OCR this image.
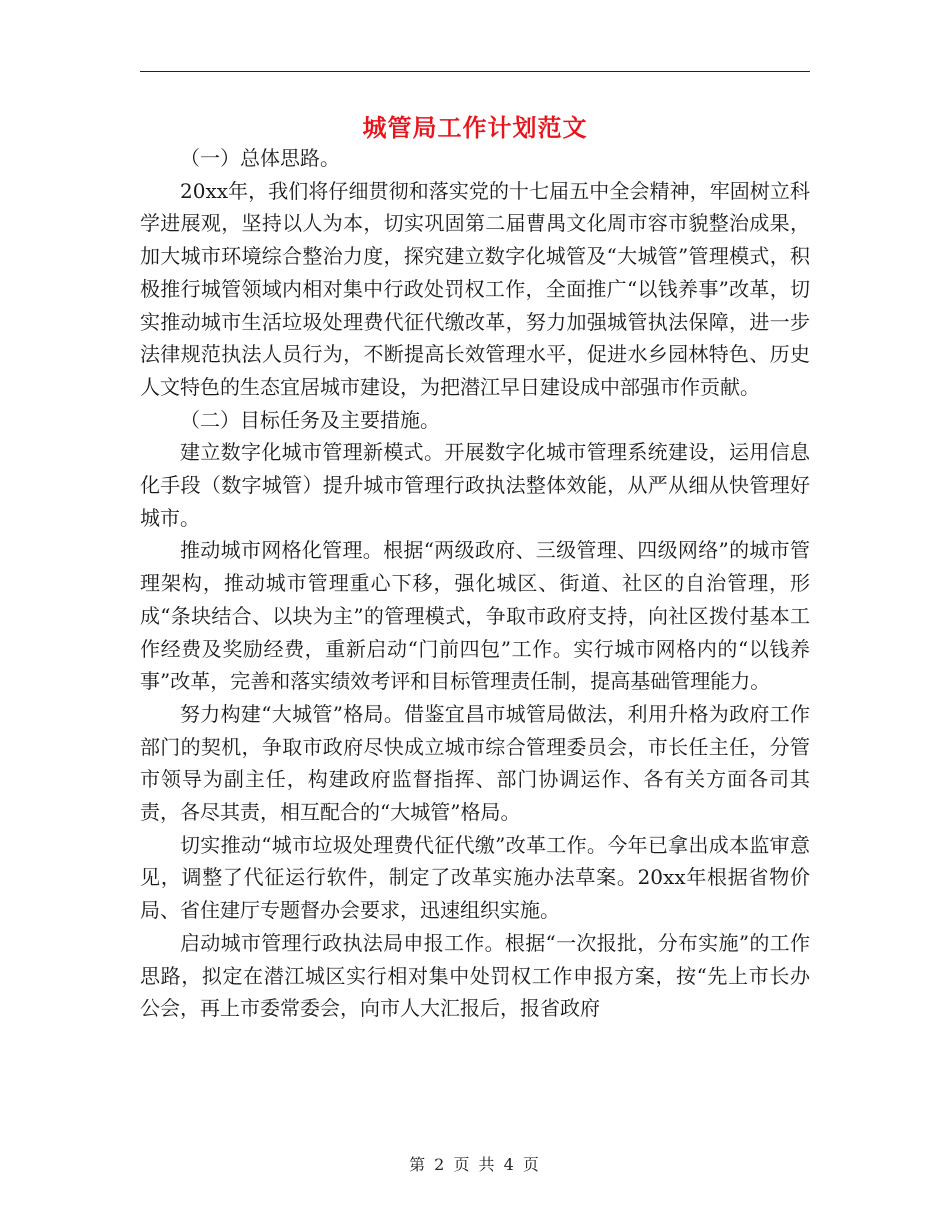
城管局工作计划范文

（一）总体思路。

20xx年，我们将仔细贯彻和落实党的十七届五中全会精神，牢固树立科学进展观，坚持以人为本，切实巩固第二届曹禺文化周市容市貌整治成果，加大城市环境综合整治力度，探究建立数字化城管及“大城管”管理模式，积极推行城管领域内相对集中行政处罚权工作，全面推广“以钱养事”改革，切实推动城市生活垃圾处理费代征代缴改革，努力加强城管执法保障，进一步法律规范执法人员行为，不断提高长效管理水平，促进水乡园林特色、历史人文特色的生态宜居城市建设，为把潜江早日建设成中部强市作贡献。

（二）目标任务及主要措施。

建立数字化城市管理新模式。开展数字化城市管理系统建设，运用信息化手段（数字城管）提升城市管理行政执法整体效能，从严从细从快管理好城市。

推动城市网格化管理。根据“两级政府、三级管理、四级网络”的城市管理架构，推动城市管理重心下移，强化城区、街道、社区的自治管理，形成“条块结合、以块为主”的管理模式，争取市政府支持，向社区拨付基本工作经费及奖励经费，重新启动“门前四包”工作。实行城市网格内的“以钱养事”改革，完善和落实绩效考评和目标管理责任制，提高基础管理能力。

努力构建“大城管”格局。借鉴宜昌市城管局做法，利用升格为政府工作部门的契机，争取市政府尽快成立城市综合管理委员会，市长任主任，分管市领导为副主任，构建政府监督指挥、部门协调运作、各有关方面各司其责，各尽其责，相互配合的“大城管”格局。

切实推动“城市垃圾处理费代征代缴”改革工作。今年已拿出成本监审意见，调整了代征运行软件，制定了改革实施办法草案。20xx年根据省物价局、省住建厅专题督办会要求，迅速组织实施。

启动城市管理行政执法局申报工作。根据“一次报批，分布实施”的工作思路，拟定在潜江城区实行相对集中处罚权工作申报方案，按“先上市长办公会，再上市委常委会，向市人大汇报后，报省政府

第 2 页 共 4 页
